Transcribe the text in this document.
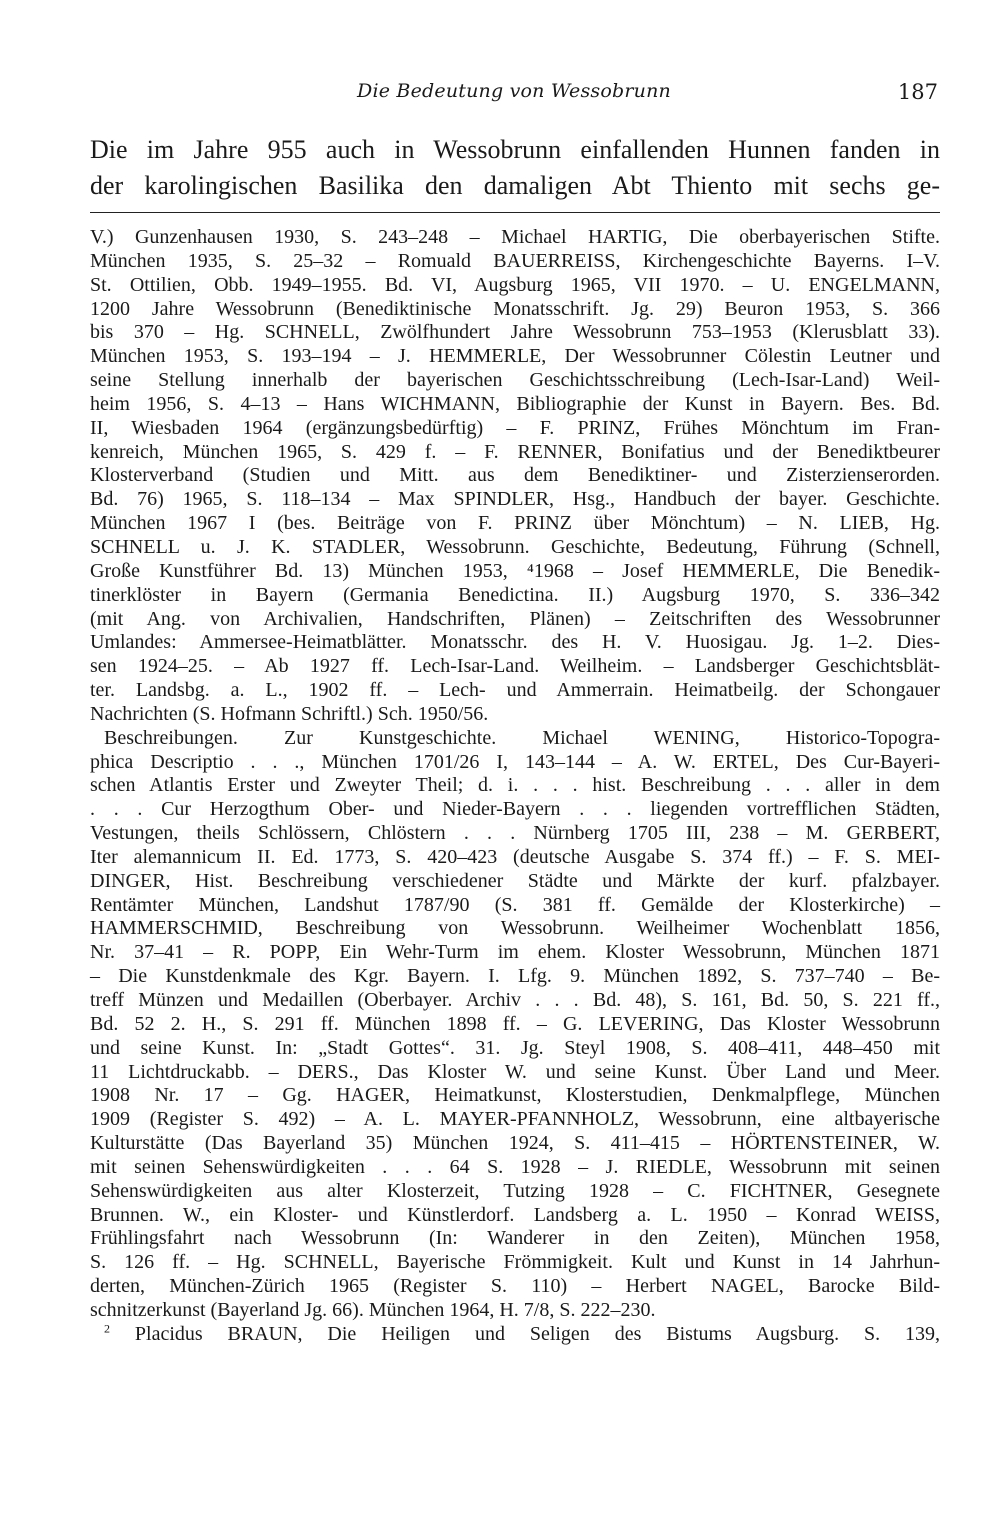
Die Bedeutung von Wessobrunn	187
Die im Jahre 955 auch in Wessobrunn einfallenden Hunnen fanden in
der karolingischen Basilika den damaligen Abt Thiento mit sechs ge-
V.) Gunzenhausen 1930, S. 243–248 – Michael HARTIG, Die oberbayerischen Stifte.
München 1935, S. 25–32 – Romuald BAUERREISS, Kirchengeschichte Bayerns. I–V.
St. Ottilien, Obb. 1949–1955. Bd. VI, Augsburg 1965, VII 1970. – U. ENGELMANN,
1200 Jahre Wessobrunn (Benediktinische Monatsschrift. Jg. 29) Beuron 1953, S. 366
bis 370 – Hg. SCHNELL, Zwölfhundert Jahre Wessobrunn 753–1953 (Klerusblatt 33).
München 1953, S. 193–194 – J. HEMMERLE, Der Wessobrunner Cölestin Leutner und
seine Stellung innerhalb der bayerischen Geschichtsschreibung (Lech-Isar-Land) Weil-
heim 1956, S. 4–13 – Hans WICHMANN, Bibliographie der Kunst in Bayern. Bes. Bd.
II, Wiesbaden 1964 (ergänzungsbedürftig) – F. PRINZ, Frühes Mönchtum im Fran-
kenreich, München 1965, S. 429 f. – F. RENNER, Bonifatius und der Benediktbeurer
Klosterverband (Studien und Mitt. aus dem Benediktiner- und Zisterzienserorden.
Bd. 76) 1965, S. 118–134 – Max SPINDLER, Hsg., Handbuch der bayer. Geschichte.
München 1967 I (bes. Beiträge von F. PRINZ über Mönchtum) – N. LIEB, Hg.
SCHNELL u. J. K. STADLER, Wessobrunn. Geschichte, Bedeutung, Führung (Schnell,
Große Kunstführer Bd. 13) München 1953, ⁴1968 – Josef HEMMERLE, Die Benedik-
tinerklöster in Bayern (Germania Benedictina. II.) Augsburg 1970, S. 336–342
(mit Ang. von Archivalien, Handschriften, Plänen) – Zeitschriften des Wessobrunner
Umlandes: Ammersee-Heimatblätter. Monatsschr. des H. V. Huosigau. Jg. 1–2. Dies-
sen 1924–25. – Ab 1927 ff. Lech-Isar-Land. Weilheim. – Landsberger Geschichtsblät-
ter. Landsbg. a. L., 1902 ff. – Lech- und Ammerrain. Heimatbeilg. der Schongauer
Nachrichten (S. Hofmann Schriftl.) Sch. 1950/56.
Beschreibungen. Zur Kunstgeschichte. Michael WENING, Historico-Topogra-
phica Descriptio . . ., München 1701/26 I, 143–144 – A. W. ERTEL, Des Cur-Bayeri-
schen Atlantis Erster und Zweyter Theil; d. i. . . . hist. Beschreibung . . . aller in dem
. . . Cur Herzogthum Ober- und Nieder-Bayern . . . liegenden vortrefflichen Städten,
Vestungen, theils Schlössern, Chlöstern . . . Nürnberg 1705 III, 238 – M. GERBERT,
Iter alemannicum II. Ed. 1773, S. 420–423 (deutsche Ausgabe S. 374 ff.) – F. S. MEI-
DINGER, Hist. Beschreibung verschiedener Städte und Märkte der kurf. pfalzbayer.
Rentämter München, Landshut 1787/90 (S. 381 ff. Gemälde der Klosterkirche) –
HAMMERSCHMID, Beschreibung von Wessobrunn. Weilheimer Wochenblatt 1856,
Nr. 37–41 – R. POPP, Ein Wehr-Turm im ehem. Kloster Wessobrunn, München 1871
– Die Kunstdenkmale des Kgr. Bayern. I. Lfg. 9. München 1892, S. 737–740 – Be-
treff Münzen und Medaillen (Oberbayer. Archiv . . . Bd. 48), S. 161, Bd. 50, S. 221 ff.,
Bd. 52 2. H., S. 291 ff. München 1898 ff. – G. LEVERING, Das Kloster Wessobrunn
und seine Kunst. In: „Stadt Gottes“. 31. Jg. Steyl 1908, S. 408–411, 448–450 mit
11 Lichtdruckabb. – DERS., Das Kloster W. und seine Kunst. Über Land und Meer.
1908 Nr. 17 – Gg. HAGER, Heimatkunst, Klosterstudien, Denkmalpflege, München
1909 (Register S. 492) – A. L. MAYER-PFANNHOLZ, Wessobrunn, eine altbayerische
Kulturstätte (Das Bayerland 35) München 1924, S. 411–415 – HÖRTENSTEINER, W.
mit seinen Sehenswürdigkeiten . . . 64 S. 1928 – J. RIEDLE, Wessobrunn mit seinen
Sehenswürdigkeiten aus alter Klosterzeit, Tutzing 1928 – C. FICHTNER, Gesegnete
Brunnen. W., ein Kloster- und Künstlerdorf. Landsberg a. L. 1950 – Konrad WEISS,
Frühlingsfahrt nach Wessobrunn (In: Wanderer in den Zeiten), München 1958,
S. 126 ff. – Hg. SCHNELL, Bayerische Frömmigkeit. Kult und Kunst in 14 Jahrhun-
derten, München-Zürich 1965 (Register S. 110) – Herbert NAGEL, Barocke Bild-
schnitzerkunst (Bayerland Jg. 66). München 1964, H. 7/8, S. 222–230.
$^2$ Placidus BRAUN, Die Heiligen und Seligen des Bistums Augsburg. S. 139,
